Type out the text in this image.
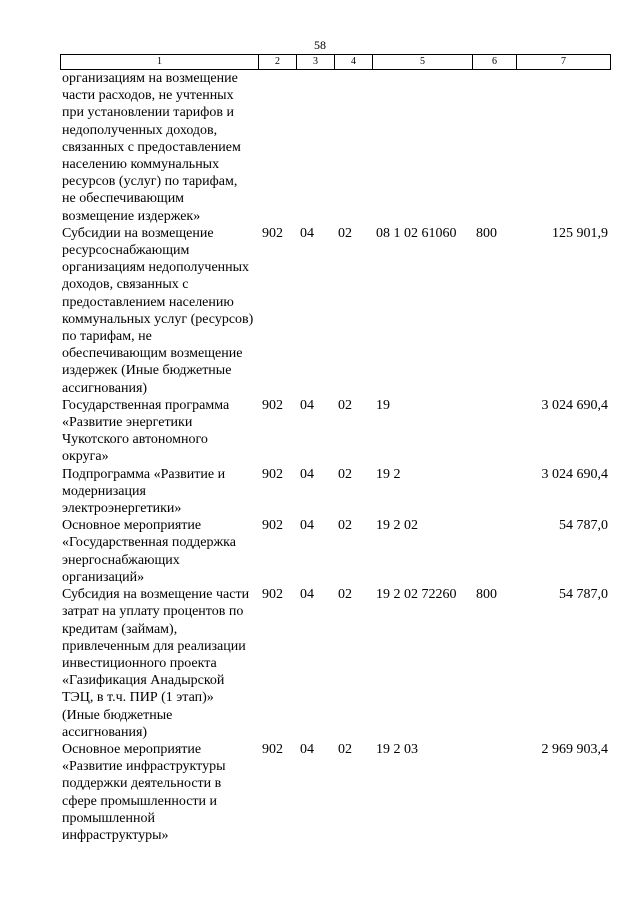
58
1	2	3	4	5	6	7
организациям на возмещение части расходов, не учтенных при установлении тарифов и недополученных доходов, связанных с предоставлением населению коммунальных ресурсов (услуг) по тарифам, не обеспечивающим возмещение издержек»						
Субсидии на возмещение ресурсоснабжающим организациям недополученных доходов, связанных с предоставлением населению коммунальных услуг (ресурсов) по тарифам, не обеспечивающим возмещение издержек (Иные бюджетные ассигнования)	902	04	02	08 1 02 61060	800	125 901,9
Государственная программа «Развитие энергетики Чукотского автономного округа»	902	04	02	19		3 024 690,4
Подпрограмма «Развитие и модернизация электроэнергетики»	902	04	02	19 2		3 024 690,4
Основное мероприятие «Государственная поддержка энергоснабжающих организаций»	902	04	02	19 2 02		54 787,0
Субсидия на возмещение части затрат на уплату процентов по кредитам (займам), привлеченным для реализации инвестиционного проекта «Газификация Анадырской ТЭЦ, в т.ч. ПИР (1 этап)» (Иные бюджетные ассигнования)	902	04	02	19 2 02 72260	800	54 787,0
Основное мероприятие «Развитие инфраструктуры поддержки деятельности в сфере промышленности и промышленной инфраструктуры»	902	04	02	19 2 03		2 969 903,4
